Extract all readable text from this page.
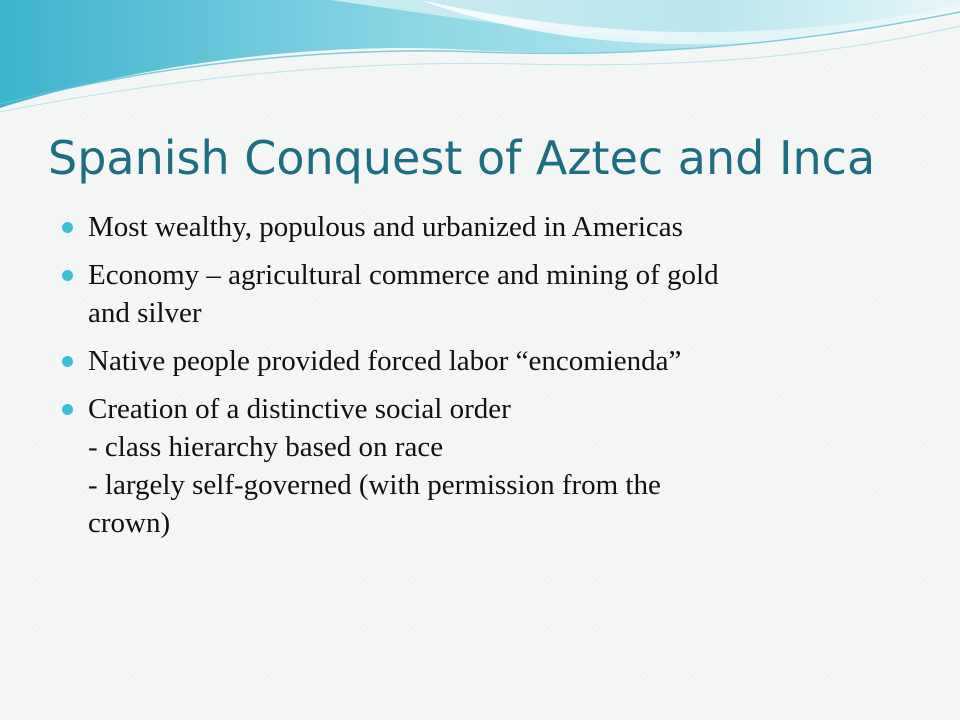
Spanish Conquest of Aztec and Inca
Most wealthy, populous and urbanized in Americas
Economy – agricultural commerce and mining of gold
and silver
Native people provided forced labor “encomienda”
Creation of a distinctive social order
- class hierarchy based on race
- largely self-governed (with permission from the
crown)
